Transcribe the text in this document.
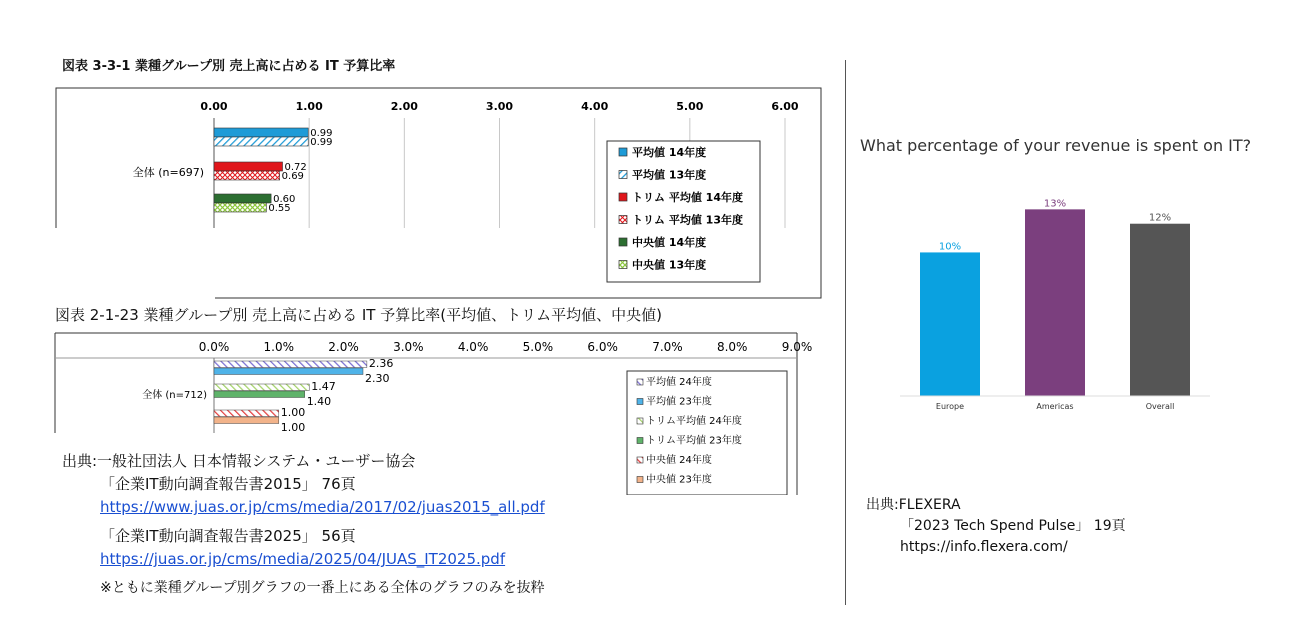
図表 3-3-1 業種グループ別 売上高に占める IT 予算比率
図表 2-1-23 業種グループ別 売上高に占める IT 予算比率(平均値、トリム平均値、中央値)
What percentage of your revenue is spent on IT?
0.00	1.00	2.00	3.00	4.00	5.00	6.00
全体 (n=697)
0.99
0.99
0.72
0.69
0.60
0.55
平均値 14年度
平均値 13年度
トリム 平均値 14年度
トリム 平均値 13年度
中央値 14年度
中央値 13年度
0.0%	1.0%	2.0%	3.0%	4.0%	5.0%	6.0%	7.0%	8.0%	9.0%
全体 (n=712)
2.36
2.30
1.47
1.40
1.00
1.00
平均値 24年度
平均値 23年度
トリム平均値 24年度
トリム平均値 23年度
中央値 24年度
中央値 23年度
10%
Europe
13%
Americas
12%
Overall
出典:一般社団法人 日本情報システム・ユーザー協会
「企業IT動向調査報告書2015」 76頁
https://www.juas.or.jp/cms/media/2017/02/juas2015_all.pdf
「企業IT動向調査報告書2025」 56頁
https://juas.or.jp/cms/media/2025/04/JUAS_IT2025.pdf
※ともに業種グループ別グラフの一番上にある全体のグラフのみを抜粋
出典:FLEXERA
「2023 Tech Spend Pulse」 19頁
https://info.flexera.com/
